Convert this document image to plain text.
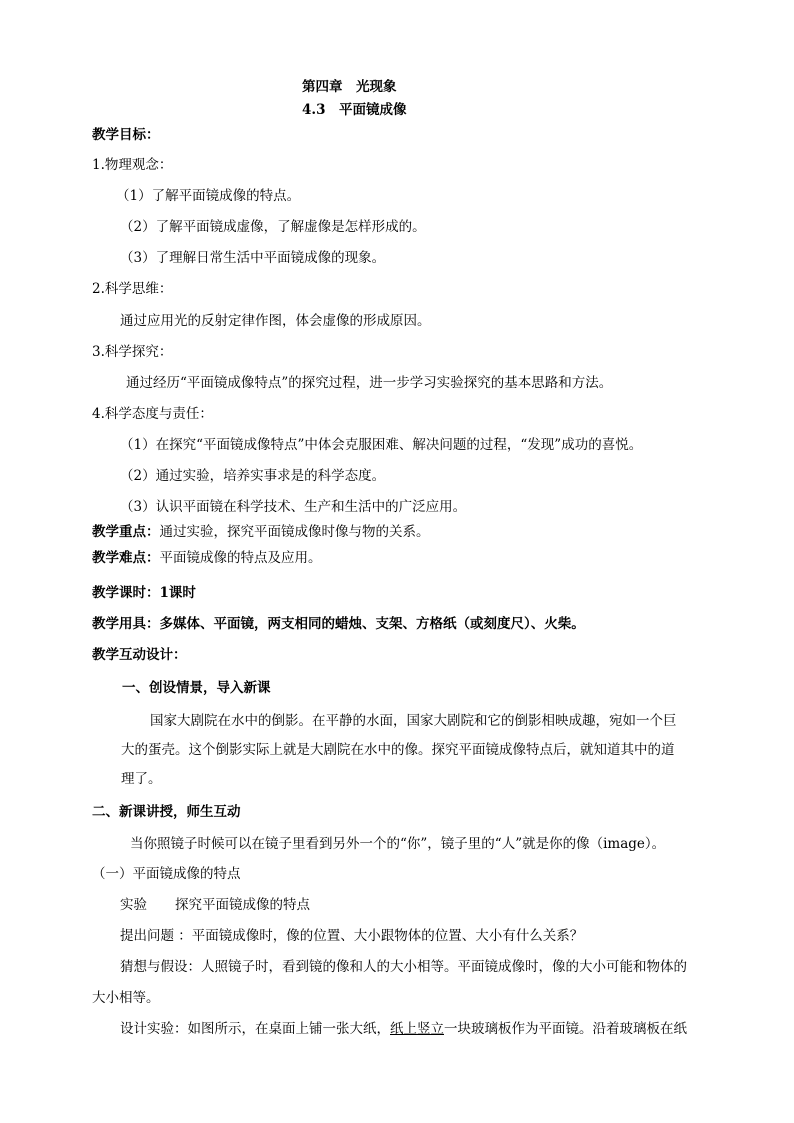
第四章　光现象
4.3　平面镜成像
教学目标：
1.物理观念：
（1）了解平面镜成像的特点。
（2）了解平面镜成虚像，了解虚像是怎样形成的。
（3）了理解日常生活中平面镜成像的现象。
2.科学思维：
通过应用光的反射定律作图，体会虚像的形成原因。
3.科学探究：
通过经历“平面镜成像特点”的探究过程，进一步学习实验探究的基本思路和方法。
4.科学态度与责任：
（1）在探究“平面镜成像特点”中体会克服困难、解决问题的过程，“发现”成功的喜悦。
（2）通过实验，培养实事求是的科学态度。
（3）认识平面镜在科学技术、生产和生活中的广泛应用。
教学重点：通过实验，探究平面镜成像时像与物的关系。
教学难点：平面镜成像的特点及应用。
教学课时：1课时
教学用具：多媒体、平面镜，两支相同的蜡烛、支架、方格纸（或刻度尺）、火柴。
教学互动设计：
一、创设情景，导入新课
国家大剧院在水中的倒影。在平静的水面，国家大剧院和它的倒影相映成趣，宛如一个巨
大的蛋壳。这个倒影实际上就是大剧院在水中的像。探究平面镜成像特点后，就知道其中的道
理了。
二、新课讲授，师生互动
当你照镜子时候可以在镜子里看到另外一个的“你”，镜子里的“人”就是你的像（image）。
（一）平面镜成像的特点
实验 探究平面镜成像的特点
提出问题 ：平面镜成像时，像的位置、大小跟物体的位置、大小有什么关系？
猜想与假设：人照镜子时，看到镜的像和人的大小相等。平面镜成像时，像的大小可能和物体的
大小相等。
设计实验：如图所示，在桌面上铺一张大纸，纸上竖立一块玻璃板作为平面镜。沿着玻璃板在纸
